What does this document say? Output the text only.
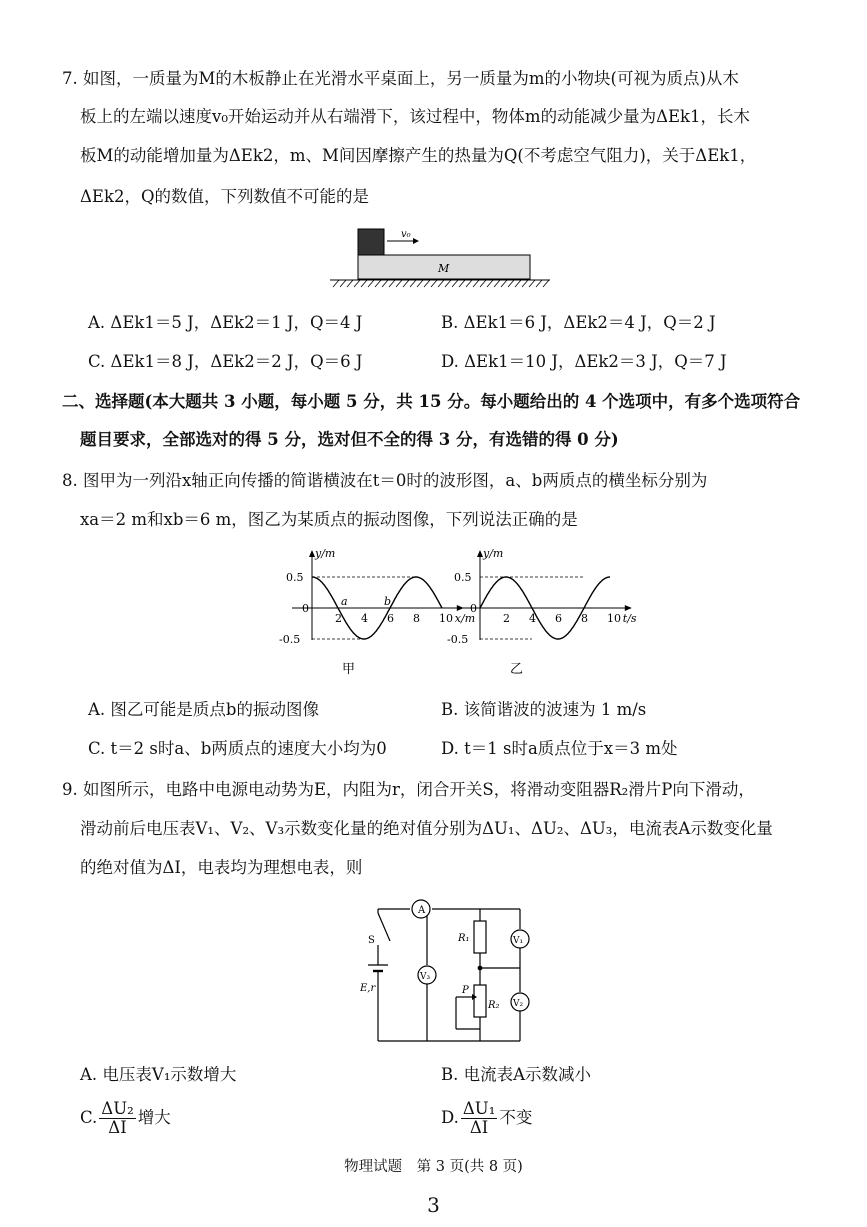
7. 如图，一质量为M的木板静止在光滑水平桌面上，另一质量为m的小物块(可视为质点)从木
板上的左端以速度v₀开始运动并从右端滑下，该过程中，物体m的动能减少量为ΔEk1，长木
板M的动能增加量为ΔEk2，m、M间因摩擦产生的热量为Q(不考虑空气阻力)，关于ΔEk1，
ΔEk2，Q的数值，下列数值不可能的是
v₀
M
A. ΔEk1＝5 J，ΔEk2＝1 J，Q＝4 J	B. ΔEk1＝6 J，ΔEk2＝4 J，Q＝2 J
C. ΔEk1＝8 J，ΔEk2＝2 J，Q＝6 J	D. ΔEk1＝10 J，ΔEk2＝3 J，Q＝7 J
二、选择题(本大题共 3 小题，每小题 5 分，共 15 分。每小题给出的 4 个选项中，有多个选项符合
题目要求，全部选对的得 5 分，选对但不全的得 3 分，有选错的得 0 分)
8. 图甲为一列沿x轴正向传播的简谐横波在t＝0时的波形图，a、b两质点的横坐标分别为
xa＝2 m和xb＝6 m，图乙为某质点的振动图像，下列说法正确的是
y/m
x/m
0.5
0
-0.5
2 4 6 8 10
a	b
甲
y/m
t/s
0.5
0
-0.5
2 4 6 8 10
乙
A. 图乙可能是质点b的振动图像	B. 该简谐波的波速为 1 m/s
C. t＝2 s时a、b两质点的速度大小均为0	D. t＝1 s时a质点位于x＝3 m处
9. 如图所示，电路中电源电动势为E，内阻为r，闭合开关S，将滑动变阻器R₂滑片P向下滑动，
滑动前后电压表V₁、V₂、V₃示数变化量的绝对值分别为ΔU₁、ΔU₂、ΔU₃，电流表A示数变化量
的绝对值为ΔI，电表均为理想电表，则
A
V₃
V₁
V₂
R₁
R₂
P
S
E,r
A. 电压表V₁示数增大	B. 电流表A示数减小
C. $\frac{\text{ΔU₂}}{\Delta I}$ 增大	D. $\frac{\text{ΔU₁}}{\Delta I}$ 不变
物理试题　第 3 页(共 8 页)
3
